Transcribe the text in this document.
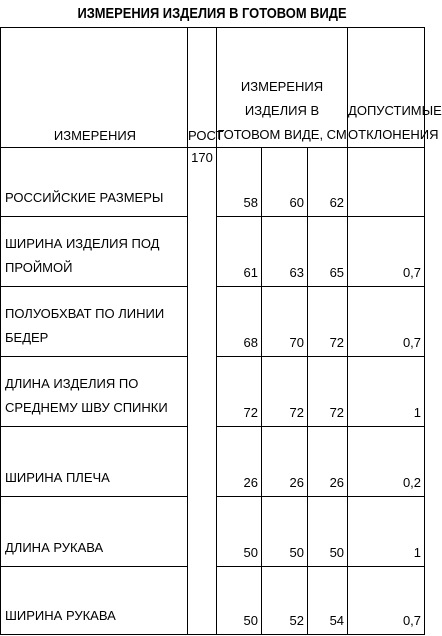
ИЗМЕРЕНИЯ ИЗДЕЛИЯ В ГОТОВОМ ВИДЕ
ИЗМЕРЕНИЯ	РОСТ	ИЗМЕРЕНИЯ ИЗДЕЛИЯ В ГОТОВОМ ВИДЕ, СМ			ДОПУСТИМЫЕ ОТКЛОНЕНИЯ
РОССИЙСКИЕ РАЗМЕРЫ	170	58	60	62	
ШИРИНА ИЗДЕЛИЯ ПОД ПРОЙМОЙ		61	63	65	0,7
ПОЛУОБХВАТ ПО ЛИНИИ БЕДЕР		68	70	72	0,7
ДЛИНА ИЗДЕЛИЯ ПО СРЕДНЕМУ ШВУ СПИНКИ		72	72	72	1
ШИРИНА ПЛЕЧА		26	26	26	0,2
ДЛИНА РУКАВА		50	50	50	1
ШИРИНА РУКАВА		50	52	54	0,7
